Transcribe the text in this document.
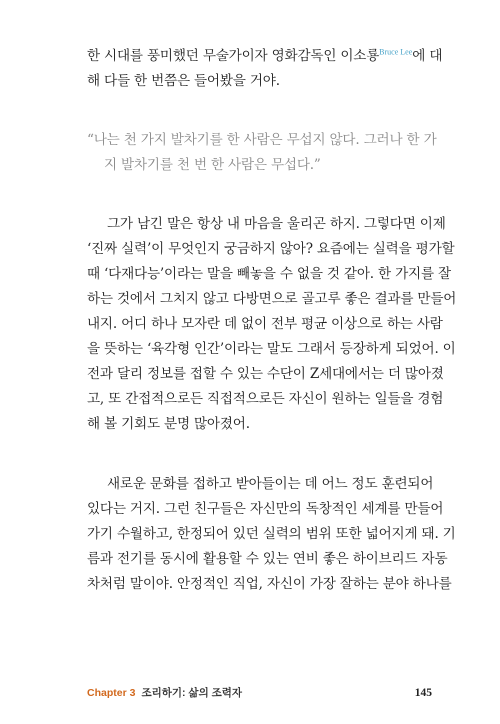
한 시대를 풍미했던 무술가이자 영화감독인 이소룡$^{Bruce Lee}$에 대
해 다들 한 번쯤은 들어봤을 거야.
“나는 천 가지 발차기를 한 사람은 무섭지 않다. 그러나 한 가
지 발차기를 천 번 한 사람은 무섭다.”
그가 남긴 말은 항상 내 마음을 울리곤 하지. 그렇다면 이제
‘진짜 실력’이 무엇인지 궁금하지 않아? 요즘에는 실력을 평가할
때 ‘다재다능’이라는 말을 빼놓을 수 없을 것 같아. 한 가지를 잘
하는 것에서 그치지 않고 다방면으로 골고루 좋은 결과를 만들어
내지. 어디 하나 모자란 데 없이 전부 평균 이상으로 하는 사람
을 뜻하는 ‘육각형 인간’이라는 말도 그래서 등장하게 되었어. 이
전과 달리 정보를 접할 수 있는 수단이 Z세대에서는 더 많아졌
고, 또 간접적으로든 직접적으로든 자신이 원하는 일들을 경험
해 볼 기회도 분명 많아졌어.
새로운 문화를 접하고 받아들이는 데 어느 정도 훈련되어
있다는 거지. 그런 친구들은 자신만의 독창적인 세계를 만들어
가기 수월하고, 한정되어 있던 실력의 범위 또한 넓어지게 돼. 기
름과 전기를 동시에 활용할 수 있는 연비 좋은 하이브리드 자동
차처럼 말이야. 안정적인 직업, 자신이 가장 잘하는 분야 하나를
Chapter 3 조리하기: 삶의 조력자	145
